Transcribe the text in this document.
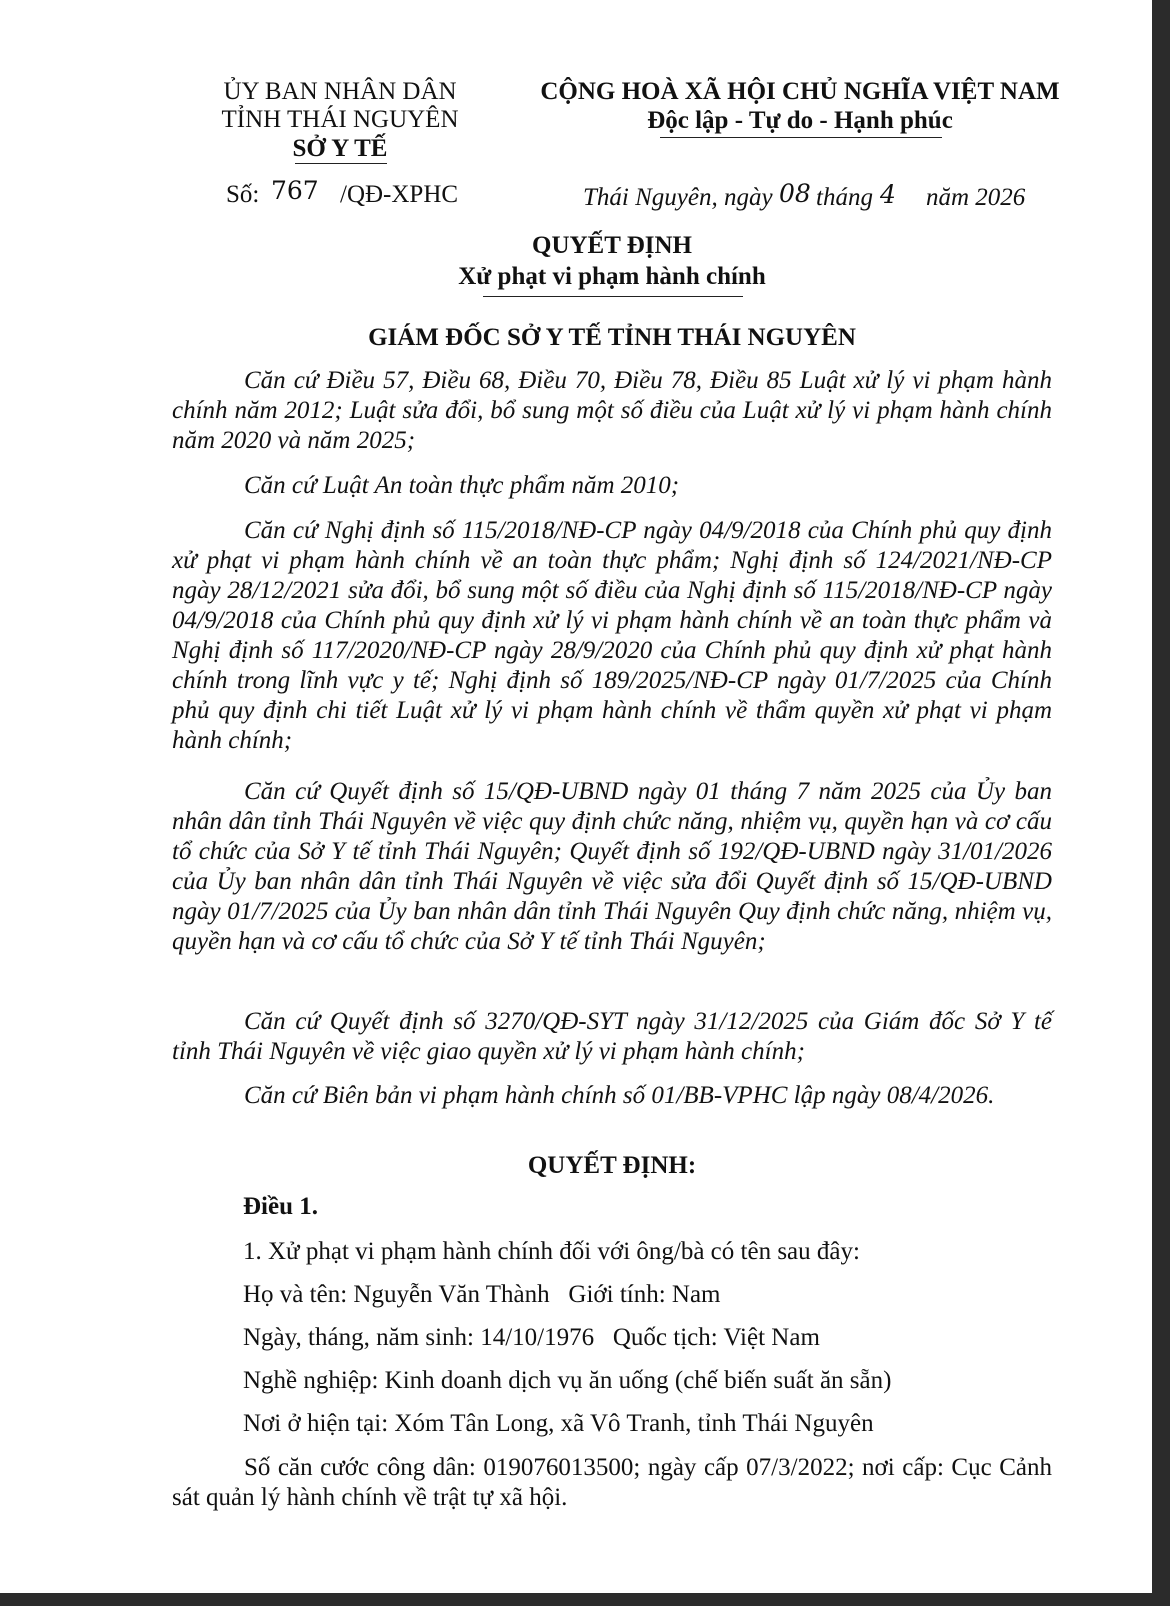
ỦY BAN NHÂN DÂN
TỈNH THÁI NGUYÊN
SỞ Y TẾ
Số: 767 /QĐ-XPHC
CỘNG HOÀ XÃ HỘI CHỦ NGHĨA VIỆT NAM
Độc lập - Tự do - Hạnh phúc
Thái Nguyên, ngày 08 tháng 4 năm 2026
QUYẾT ĐỊNH
Xử phạt vi phạm hành chính
GIÁM ĐỐC SỞ Y TẾ TỈNH THÁI NGUYÊN
Căn cứ Điều 57, Điều 68, Điều 70, Điều 78, Điều 85 Luật xử lý vi phạm hành chính năm 2012; Luật sửa đổi, bổ sung một số điều của Luật xử lý vi phạm hành chính năm 2020 và năm 2025;
Căn cứ Luật An toàn thực phẩm năm 2010;
Căn cứ Nghị định số 115/2018/NĐ-CP ngày 04/9/2018 của Chính phủ quy định xử phạt vi phạm hành chính về an toàn thực phẩm; Nghị định số 124/2021/NĐ-CP ngày 28/12/2021 sửa đổi, bổ sung một số điều của Nghị định số 115/2018/NĐ-CP ngày 04/9/2018 của Chính phủ quy định xử lý vi phạm hành chính về an toàn thực phẩm và Nghị định số 117/2020/NĐ-CP ngày 28/9/2020 của Chính phủ quy định xử phạt hành chính trong lĩnh vực y tế; Nghị định số 189/2025/NĐ-CP ngày 01/7/2025 của Chính phủ quy định chi tiết Luật xử lý vi phạm hành chính về thẩm quyền xử phạt vi phạm hành chính;
Căn cứ Quyết định số 15/QĐ-UBND ngày 01 tháng 7 năm 2025 của Ủy ban nhân dân tỉnh Thái Nguyên về việc quy định chức năng, nhiệm vụ, quyền hạn và cơ cấu tổ chức của Sở Y tế tỉnh Thái Nguyên; Quyết định số 192/QĐ-UBND ngày 31/01/2026 của Ủy ban nhân dân tỉnh Thái Nguyên về việc sửa đổi Quyết định số 15/QĐ-UBND ngày 01/7/2025 của Ủy ban nhân dân tỉnh Thái Nguyên Quy định chức năng, nhiệm vụ, quyền hạn và cơ cấu tổ chức của Sở Y tế tỉnh Thái Nguyên;
Căn cứ Quyết định số 3270/QĐ-SYT ngày 31/12/2025 của Giám đốc Sở Y tế tỉnh Thái Nguyên về việc giao quyền xử lý vi phạm hành chính;
Căn cứ Biên bản vi phạm hành chính số 01/BB-VPHC lập ngày 08/4/2026.
QUYẾT ĐỊNH:
Điều 1.
1. Xử phạt vi phạm hành chính đối với ông/bà có tên sau đây:
Họ và tên: Nguyễn Văn Thành   Giới tính: Nam
Ngày, tháng, năm sinh: 14/10/1976   Quốc tịch: Việt Nam
Nghề nghiệp: Kinh doanh dịch vụ ăn uống (chế biến suất ăn sẵn)
Nơi ở hiện tại: Xóm Tân Long, xã Vô Tranh, tỉnh Thái Nguyên
Số căn cước công dân: 019076013500; ngày cấp 07/3/2022; nơi cấp: Cục Cảnh sát quản lý hành chính về trật tự xã hội.
